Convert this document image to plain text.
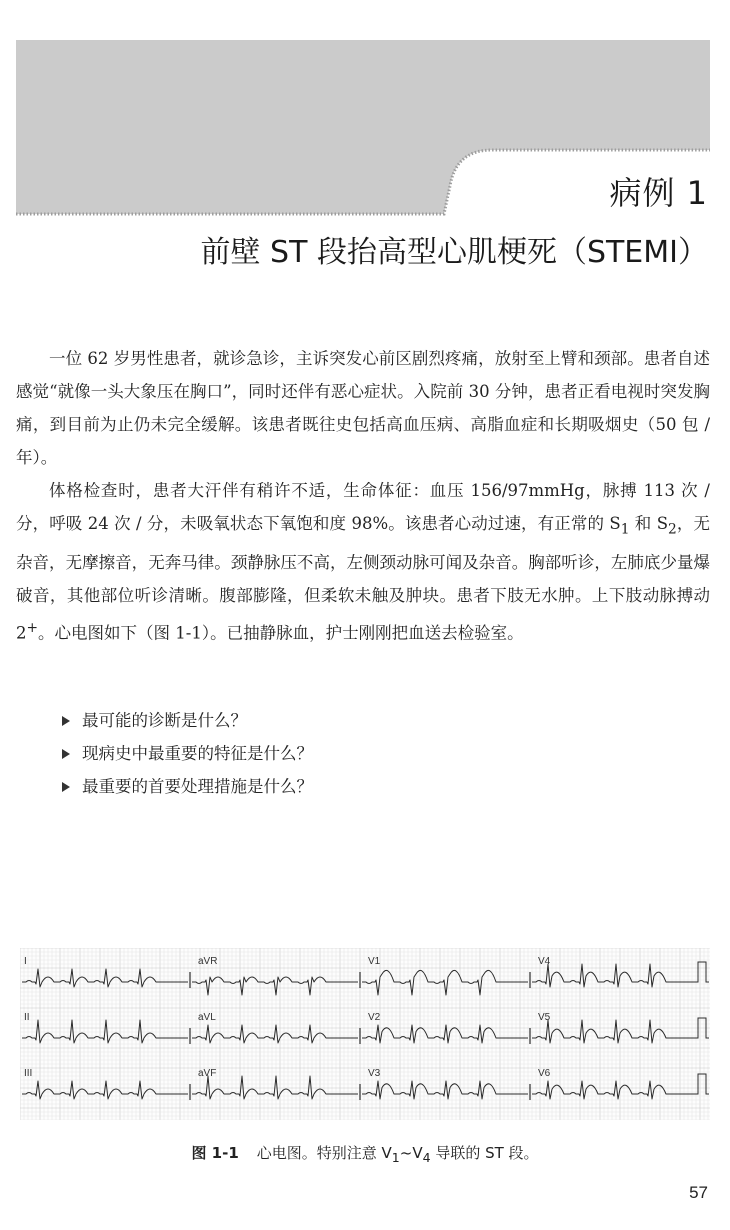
病例 1
前壁 ST 段抬高型心肌梗死（STEMI）

一位 62 岁男性患者，就诊急诊，主诉突发心前区剧烈疼痛，放射至上臂和颈部。患者自述感觉“就像一头大象压在胸口”，同时还伴有恶心症状。入院前 30 分钟，患者正看电视时突发胸痛，到目前为止仍未完全缓解。该患者既往史包括高血压病、高脂血症和长期吸烟史（50 包 / 年）。

体格检查时，患者大汗伴有稍许不适，生命体征：血压 156/97mmHg，脉搏 113 次 / 分，呼吸 24 次 / 分，未吸氧状态下氧饱和度 98%。该患者心动过速，有正常的 $S_1$ 和 $S_2$，无杂音，无摩擦音，无奔马律。颈静脉压不高，左侧颈动脉可闻及杂音。胸部听诊，左肺底少量爆破音，其他部位听诊清晰。腹部膨隆，但柔软未触及肿块。患者下肢无水肿。上下肢动脉搏动 2+。心电图如下（图 1-1）。已抽静脉血，护士刚刚把血送去检验室。

最可能的诊断是什么？
现病史中最重要的特征是什么？
最重要的首要处理措施是什么？
I	aVR	V1	V4
II	aVL	V2	V5
III	aVF	V3	V6
图 1-1 心电图。特别注意 $V_1\sim V_4$ 导联的 ST 段。
57
